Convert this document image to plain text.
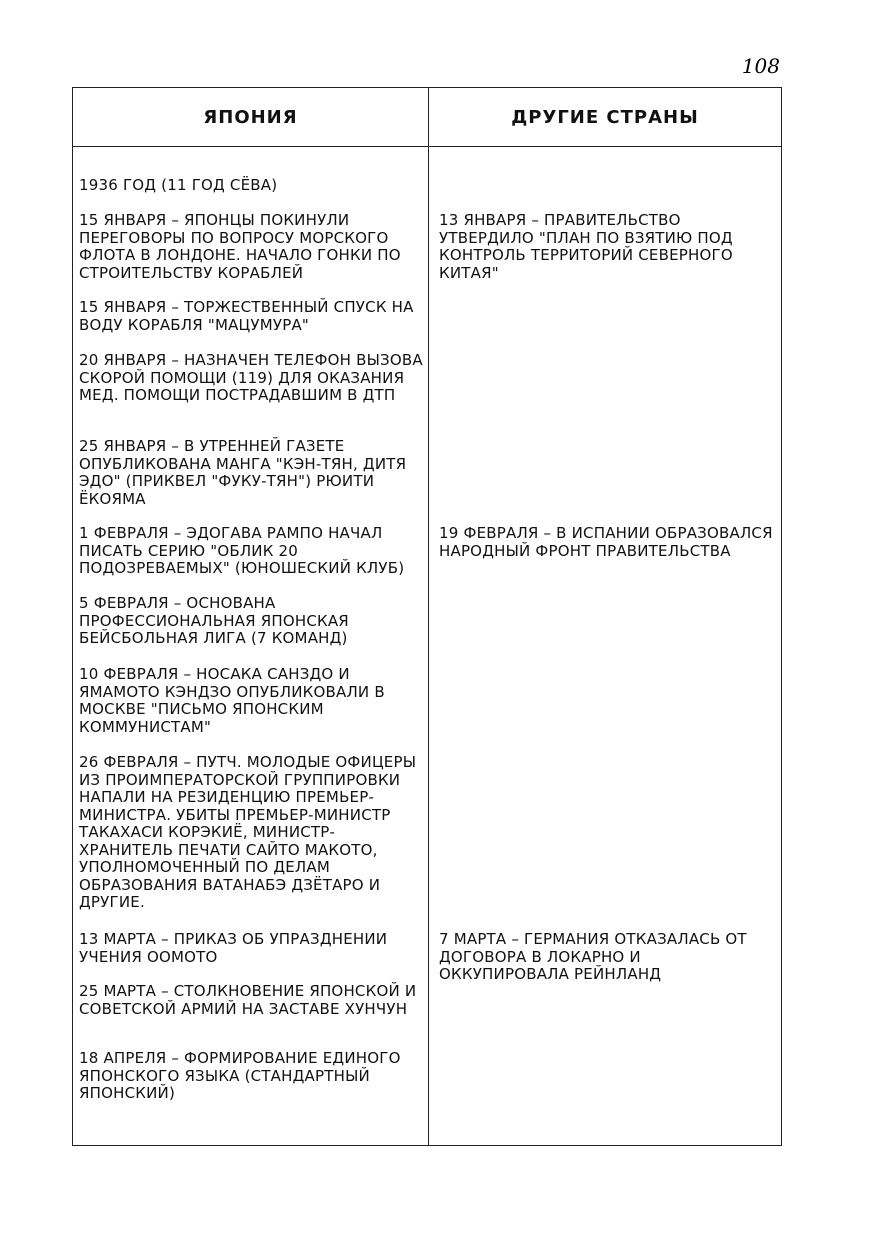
108
ЯПОНИЯ	ДРУГИЕ СТРАНЫ
1936 ГОД (11 ГОД СЁВА)
15 ЯНВАРЯ – ЯПОНЦЫ ПОКИНУЛИ ПЕРЕГОВОРЫ ПО ВОПРОСУ МОРСКОГО ФЛОТА В ЛОНДОНЕ. НАЧАЛО ГОНКИ ПО СТРОИТЕЛЬСТВУ КОРАБЛЕЙ
15 ЯНВАРЯ – ТОРЖЕСТВЕННЫЙ СПУСК НА ВОДУ КОРАБЛЯ "МАЦУМУРА"
20 ЯНВАРЯ – НАЗНАЧЕН ТЕЛЕФОН ВЫЗОВА СКОРОЙ ПОМОЩИ (119) ДЛЯ ОКАЗАНИЯ МЕД. ПОМОЩИ ПОСТРАДАВШИМ В ДТП
25 ЯНВАРЯ – В УТРЕННЕЙ ГАЗЕТЕ ОПУБЛИКОВАНА МАНГА "КЭН-ТЯН, ДИТЯ ЭДО" (ПРИКВЕЛ "ФУКУ-ТЯН") РЮИТИ ЁКОЯМА
1 ФЕВРАЛЯ – ЭДОГАВА РАМПО НАЧАЛ ПИСАТЬ СЕРИЮ "ОБЛИК 20 ПОДОЗРЕВАЕМЫХ" (ЮНОШЕСКИЙ КЛУБ)
5 ФЕВРАЛЯ – ОСНОВАНА ПРОФЕССИОНАЛЬНАЯ ЯПОНСКАЯ БЕЙСБОЛЬНАЯ ЛИГА (7 КОМАНД)
10 ФЕВРАЛЯ – НОСАКА САНЗДО И ЯМАМОТО КЭНДЗО ОПУБЛИКОВАЛИ В МОСКВЕ "ПИСЬМО ЯПОНСКИМ КОММУНИСТАМ"
26 ФЕВРАЛЯ – ПУТЧ. МОЛОДЫЕ ОФИЦЕРЫ ИЗ ПРОИМПЕРАТОРСКОЙ ГРУППИРОВКИ НАПАЛИ НА РЕЗИДЕНЦИЮ ПРЕМЬЕР-МИНИСТРА. УБИТЫ ПРЕМЬЕР-МИНИСТР ТАКАХАСИ КОРЭКИЁ, МИНИСТР-ХРАНИТЕЛЬ ПЕЧАТИ САЙТО МАКОТО, УПОЛНОМОЧЕННЫЙ ПО ДЕЛАМ ОБРАЗОВАНИЯ ВАТАНАБЭ ДЗЁТАРО И ДРУГИЕ.
13 МАРТА – ПРИКАЗ ОБ УПРАЗДНЕНИИ УЧЕНИЯ ООМОТО
25 МАРТА – СТОЛКНОВЕНИЕ ЯПОНСКОЙ И СОВЕТСКОЙ АРМИЙ НА ЗАСТАВЕ ХУНЧУН
18 АПРЕЛЯ – ФОРМИРОВАНИЕ ЕДИНОГО ЯПОНСКОГО ЯЗЫКА (СТАНДАРТНЫЙ ЯПОНСКИЙ)
13 ЯНВАРЯ – ПРАВИТЕЛЬСТВО УТВЕРДИЛО "ПЛАН ПО ВЗЯТИЮ ПОД КОНТРОЛЬ ТЕРРИТОРИЙ СЕВЕРНОГО КИТАЯ"
19 ФЕВРАЛЯ – В ИСПАНИИ ОБРАЗОВАЛСЯ НАРОДНЫЙ ФРОНТ ПРАВИТЕЛЬСТВА
7 МАРТА – ГЕРМАНИЯ ОТКАЗАЛАСЬ ОТ ДОГОВОРА В ЛОКАРНО И ОККУПИРОВАЛА РЕЙНЛАНД
